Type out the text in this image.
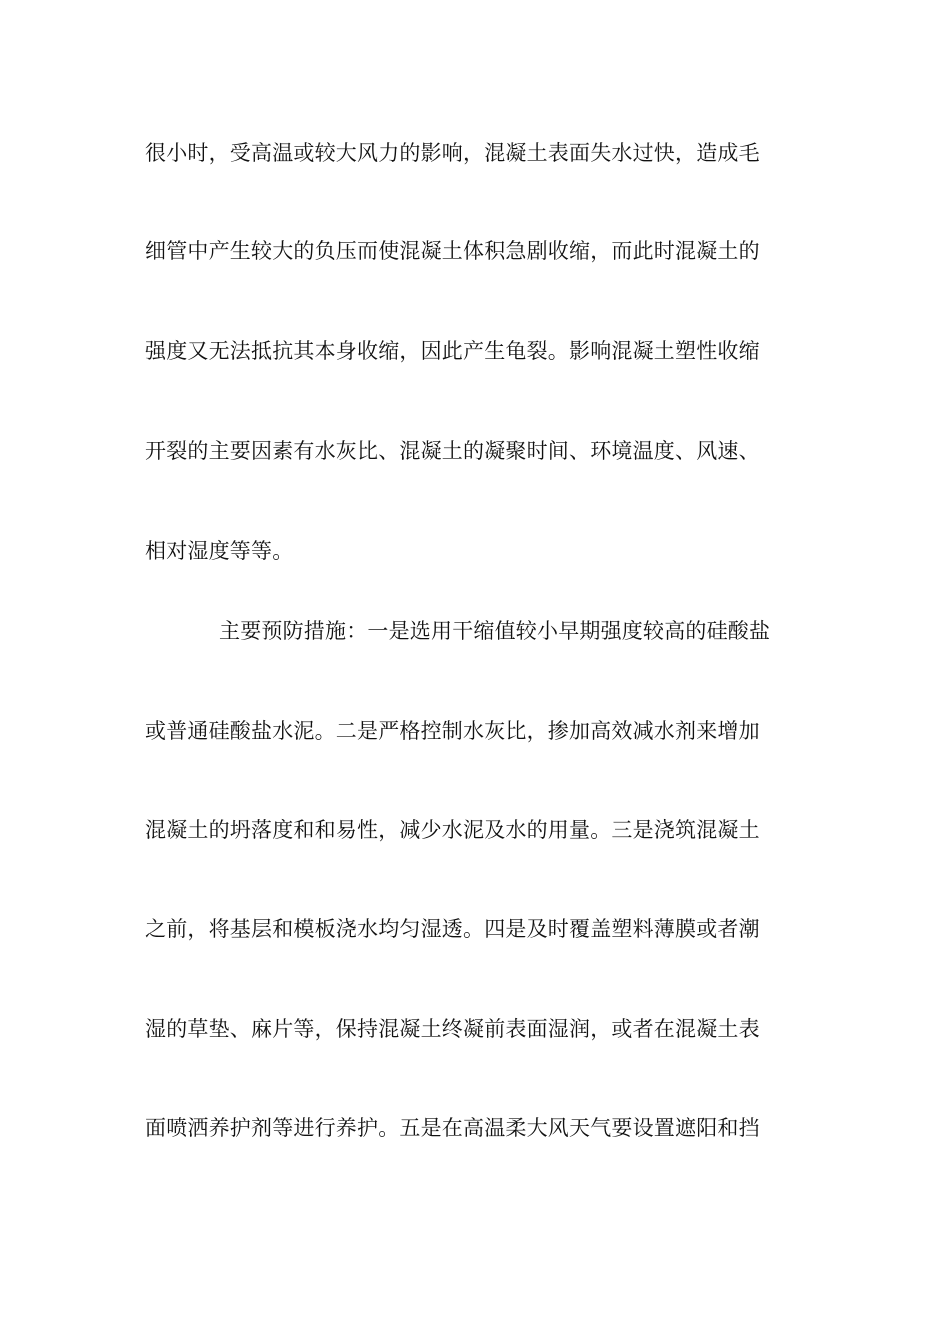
很小时，受高温或较大风力的影响，混凝土表面失水过快，造成毛
细管中产生较大的负压而使混凝土体积急剧收缩，而此时混凝土的
强度又无法抵抗其本身收缩，因此产生龟裂。影响混凝土塑性收缩
开裂的主要因素有水灰比、混凝土的凝聚时间、环境温度、风速、
相对湿度等等。
主要预防措施：一是选用干缩值较小早期强度较高的硅酸盐
或普通硅酸盐水泥。二是严格控制水灰比，掺加高效减水剂来增加
混凝土的坍落度和和易性，减少水泥及水的用量。三是浇筑混凝土
之前，将基层和模板浇水均匀湿透。四是及时覆盖塑料薄膜或者潮
湿的草垫、麻片等，保持混凝土终凝前表面湿润，或者在混凝土表
面喷洒养护剂等进行养护。五是在高温柔大风天气要设置遮阳和挡
